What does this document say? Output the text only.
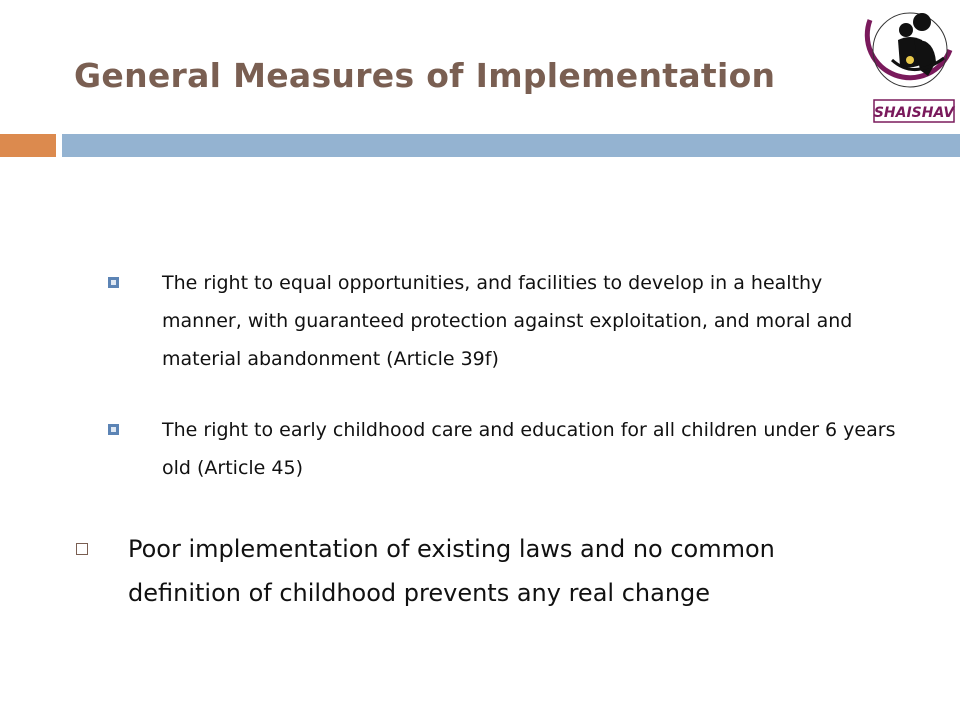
General Measures of Implementation
SHAISHAV
The right to equal opportunities, and facilities to develop in a healthy manner, with guaranteed protection against exploitation, and moral and material abandonment (Article 39f)
The right to early childhood care and education for all children under 6 years old (Article 45)
Poor implementation of existing laws and no common definition of childhood prevents any real change
